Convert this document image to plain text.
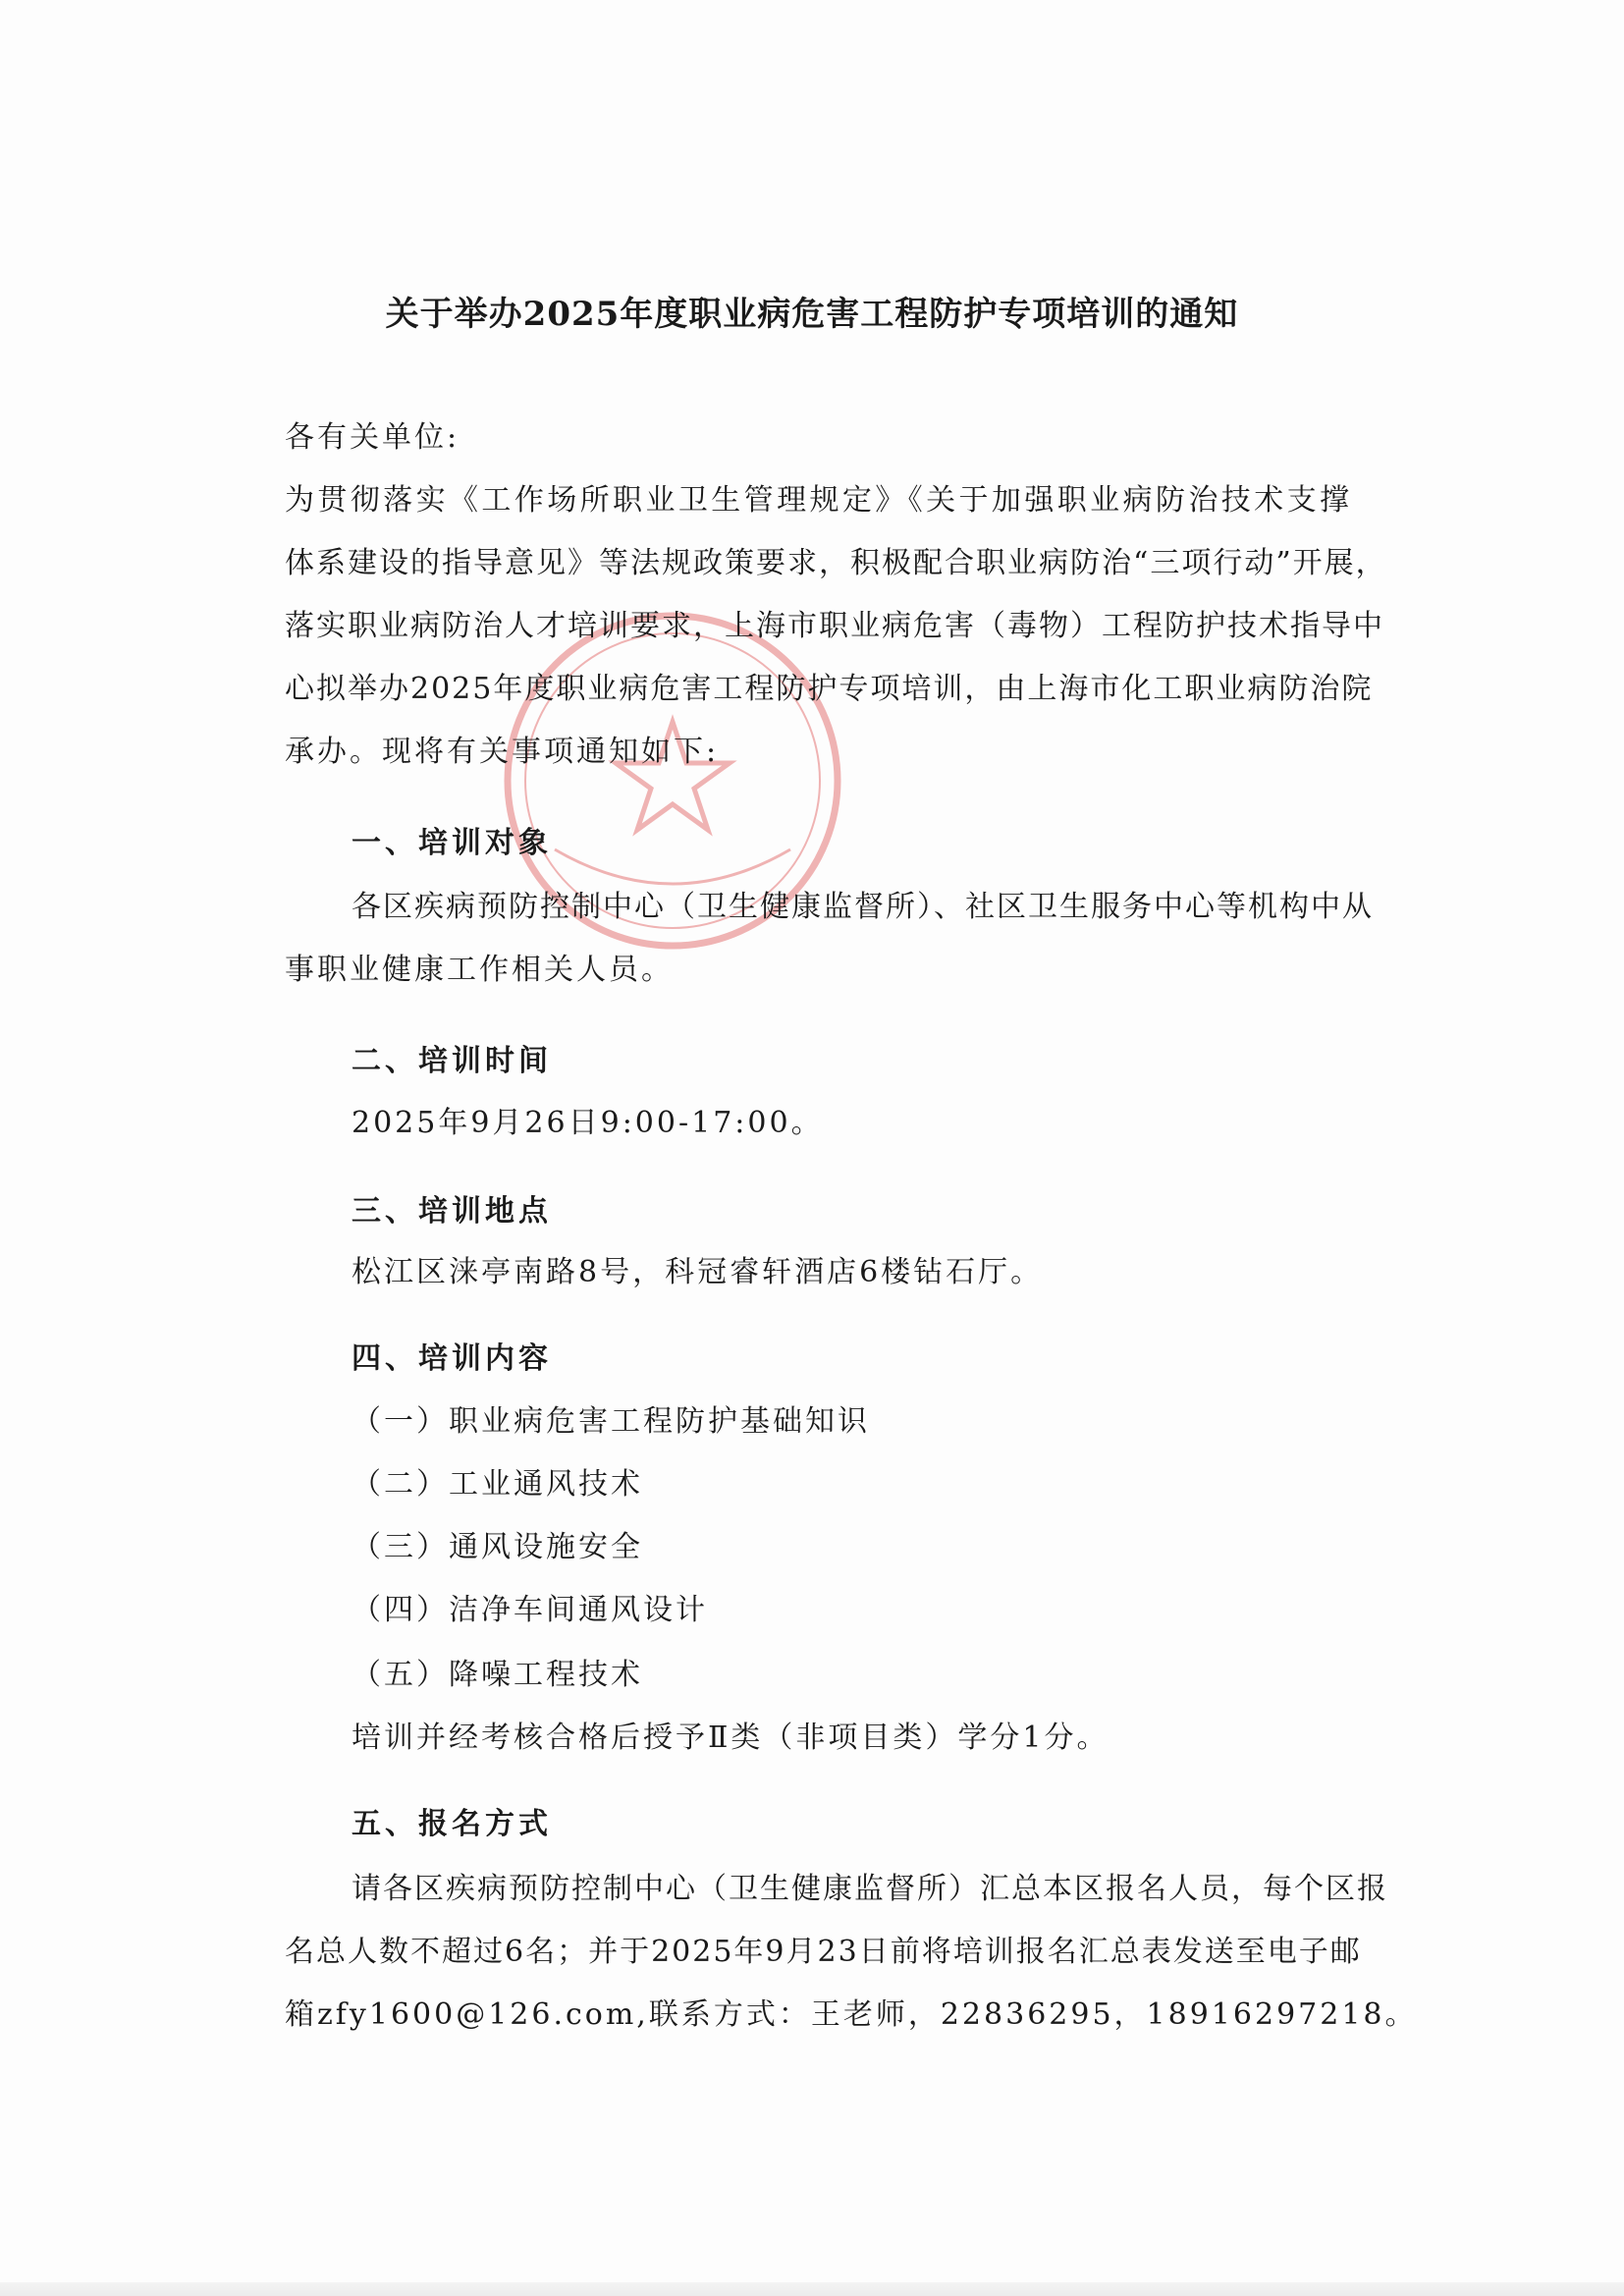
关于举办2025年度职业病危害工程防护专项培训的通知
各有关单位:
为贯彻落实《工作场所职业卫生管理规定》《关于加强职业病防治技术支撑
体系建设的指导意见》等法规政策要求，积极配合职业病防治“三项行动”开展，
落实职业病防治人才培训要求，上海市职业病危害（毒物）工程防护技术指导中
心拟举办2025年度职业病危害工程防护专项培训，由上海市化工职业病防治院
承办。现将有关事项通知如下:
一、培训对象
各区疾病预防控制中心（卫生健康监督所）、社区卫生服务中心等机构中从
事职业健康工作相关人员。
二、培训时间
2025年9月26日9:00-17:00。
三、培训地点
松江区涞亭南路8号，科冠睿轩酒店6楼钻石厅。
四、培训内容
（一）职业病危害工程防护基础知识
（二）工业通风技术
（三）通风设施安全
（四）洁净车间通风设计
（五）降噪工程技术
培训并经考核合格后授予Ⅱ类（非项目类）学分1分。
五、报名方式
请各区疾病预防控制中心（卫生健康监督所）汇总本区报名人员，每个区报
名总人数不超过6名；并于2025年9月23日前将培训报名汇总表发送至电子邮
箱zfy1600@126.com,联系方式：王老师，22836295，18916297218。
